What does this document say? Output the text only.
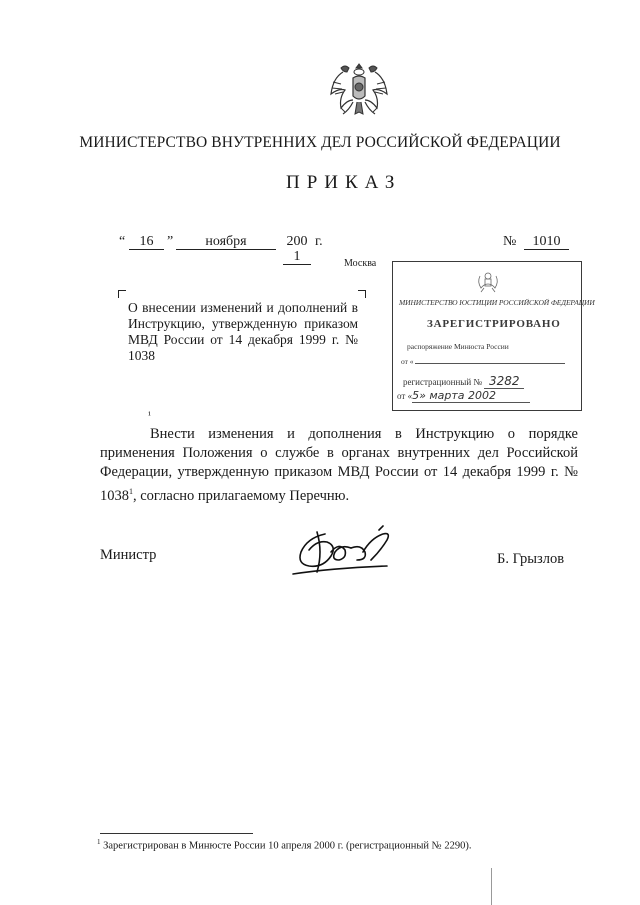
МИНИСТЕРСТВО ВНУТРЕННИХ ДЕЛ РОССИЙСКОЙ ФЕДЕРАЦИИ
ПРИКАЗ
“	16 ”	ноября	200 1
г.	№	1010
Москва
О внесении изменений и дополнений в Инструкцию, утвержденную приказом МВД России от 14 декабря 1999 г. № 1038
МИНИСТЕРСТВО ЮСТИЦИИ РОССИЙСКОЙ ФЕДЕРАЦИИ
ЗАРЕГИСТРИРОВАНО
распоряжение Минюста России
от «
регистрационный № 3282
от «5» марта 2002
¹
Внести изменения и дополнения в Инструкцию о порядке применения Положения о службе в органах внутренних дел Российской Федерации, утвержденную приказом МВД России от 14 декабря 1999 г. № 1038$^1$, согласно прилагаемому Перечню.
Министр	Б. Грызлов
$^1$ Зарегистрирован в Минюсте России 10 апреля 2000 г. (регистрационный № 2290).
